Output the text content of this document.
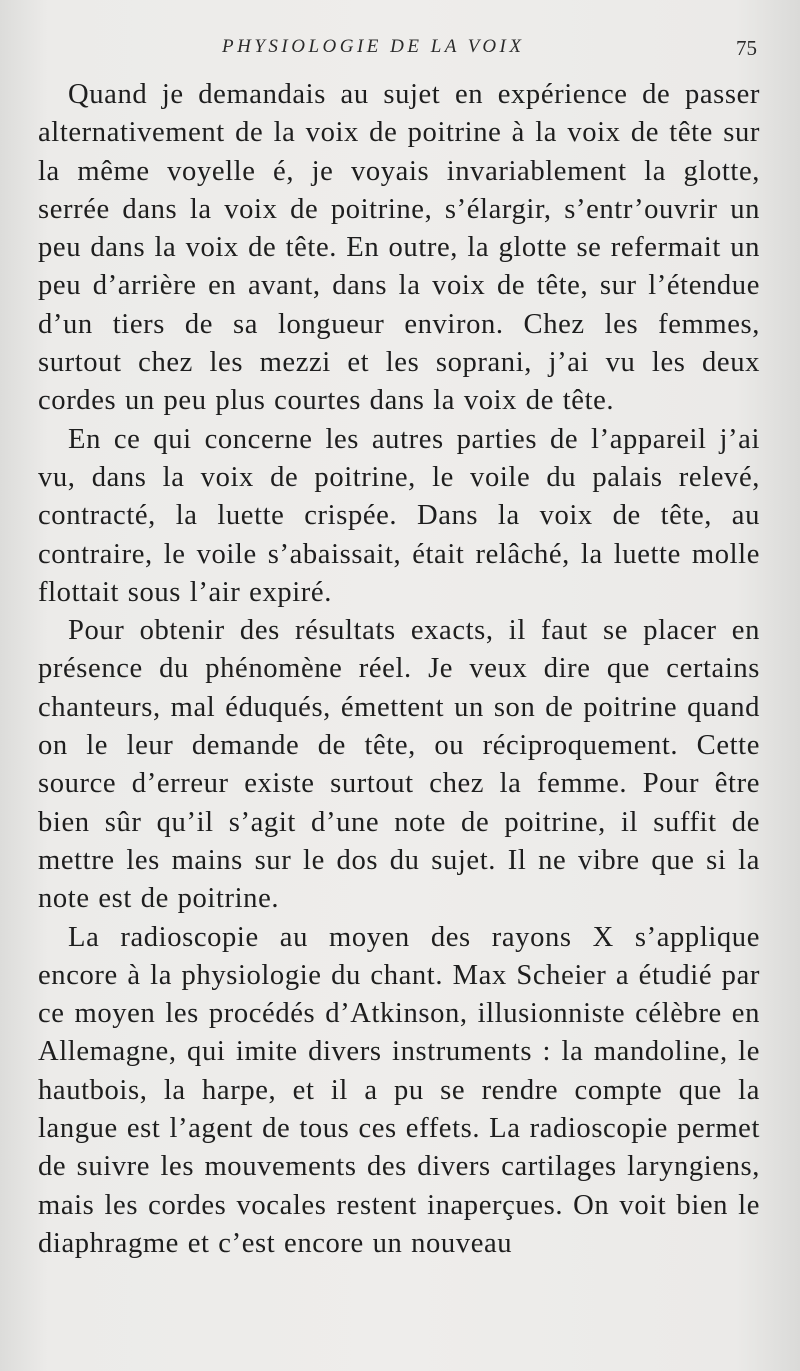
PHYSIOLOGIE DE LA VOIX	75

Quand je demandais au sujet en expérience de passer alternativement de la voix de poitrine à la voix de tête sur la même voyelle é, je voyais invariablement la glotte, serrée dans la voix de poitrine, s’élargir, s’entr’ouvrir un peu dans la voix de tête. En outre, la glotte se refermait un peu d’arrière en avant, dans la voix de tête, sur l’étendue d’un tiers de sa longueur environ. Chez les femmes, surtout chez les mezzi et les soprani, j’ai vu les deux cordes un peu plus courtes dans la voix de tête.

En ce qui concerne les autres parties de l’appareil j’ai vu, dans la voix de poitrine, le voile du palais relevé, contracté, la luette crispée. Dans la voix de tête, au contraire, le voile s’abaissait, était relâché, la luette molle flottait sous l’air expiré.

Pour obtenir des résultats exacts, il faut se placer en présence du phénomène réel. Je veux dire que certains chanteurs, mal éduqués, émettent un son de poitrine quand on le leur demande de tête, ou réciproquement. Cette source d’erreur existe surtout chez la femme. Pour être bien sûr qu’il s’agit d’une note de poitrine, il suffit de mettre les mains sur le dos du sujet. Il ne vibre que si la note est de poitrine.

La radioscopie au moyen des rayons X s’applique encore à la physiologie du chant. Max Scheier a étudié par ce moyen les procédés d’Atkinson, illusionniste célèbre en Allemagne, qui imite divers instruments : la mandoline, le hautbois, la harpe, et il a pu se rendre compte que la langue est l’agent de tous ces effets. La radioscopie permet de suivre les mouvements des divers cartilages laryngiens, mais les cordes vocales restent inaperçues. On voit bien le diaphragme et c’est encore un nouveau
